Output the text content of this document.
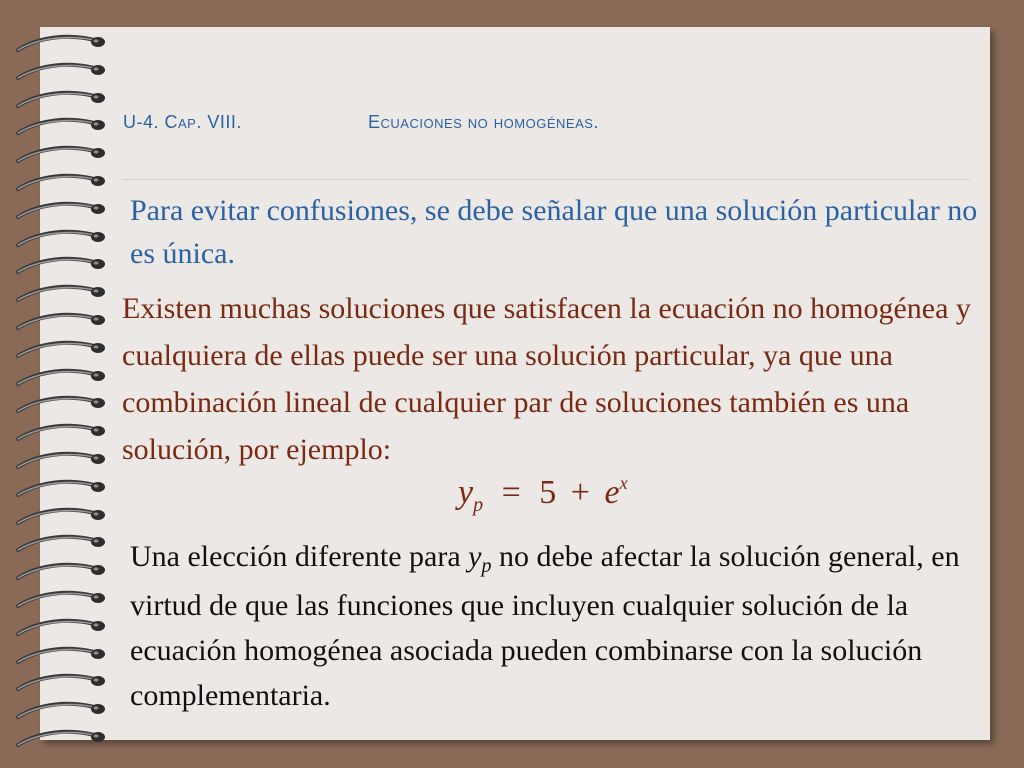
U-4. Cap. VIII.	Ecuaciones no homogéneas.
Para evitar confusiones, se debe señalar que una solución particular no es única.
Existen muchas soluciones que satisfacen la ecuación no homogénea y cualquiera de ellas puede ser una solución particular, ya que una combinación lineal de cualquier par de soluciones también es una solución, por ejemplo:
$y_p = 5 + e^x$
Una elección diferente para $y_p$ no debe afectar la solución general, en virtud de que las funciones que incluyen cualquier solución de la ecuación homogénea asociada pueden combinarse con la solución complementaria.
